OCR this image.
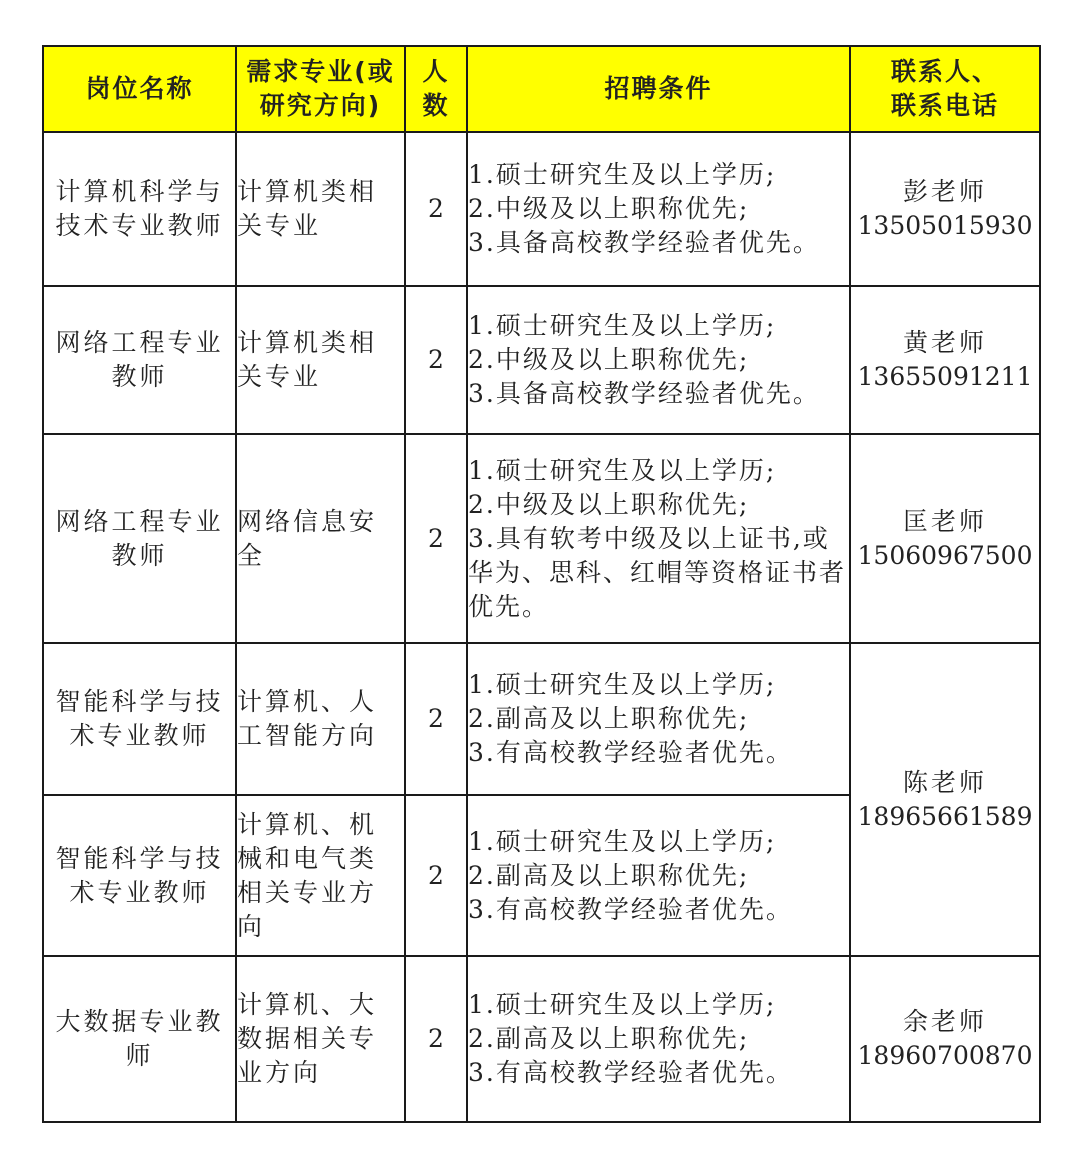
岗位名称	需求专业(或
研究方向)	人
数	招聘条件	联系人、
联系电话

计算机科学与技术专业教师	计算机类相关专业	2	1.硕士研究生及以上学历;
2.中级及以上职称优先;
3.具备高校教学经验者优先。	彭老师
13505015930

网络工程专业教师	计算机类相关专业	2	1.硕士研究生及以上学历;
2.中级及以上职称优先;
3.具备高校教学经验者优先。	黄老师
13655091211

网络工程专业教师	网络信息安全	2	1.硕士研究生及以上学历;
2.中级及以上职称优先;
3.具有软考中级及以上证书,或华为、思科、红帽等资格证书者优先。	匡老师
15060967500

智能科学与技术专业教师	计算机、人工智能方向	2	1.硕士研究生及以上学历;
2.副高及以上职称优先;
3.有高校教学经验者优先。	陈老师
18965661589

智能科学与技术专业教师	计算机、机械和电气类相关专业方向	2	1.硕士研究生及以上学历;
2.副高及以上职称优先;
3.有高校教学经验者优先。	

大数据专业教师	计算机、大数据相关专业方向	2	1.硕士研究生及以上学历;
2.副高及以上职称优先;
3.有高校教学经验者优先。	余老师
18960700870
